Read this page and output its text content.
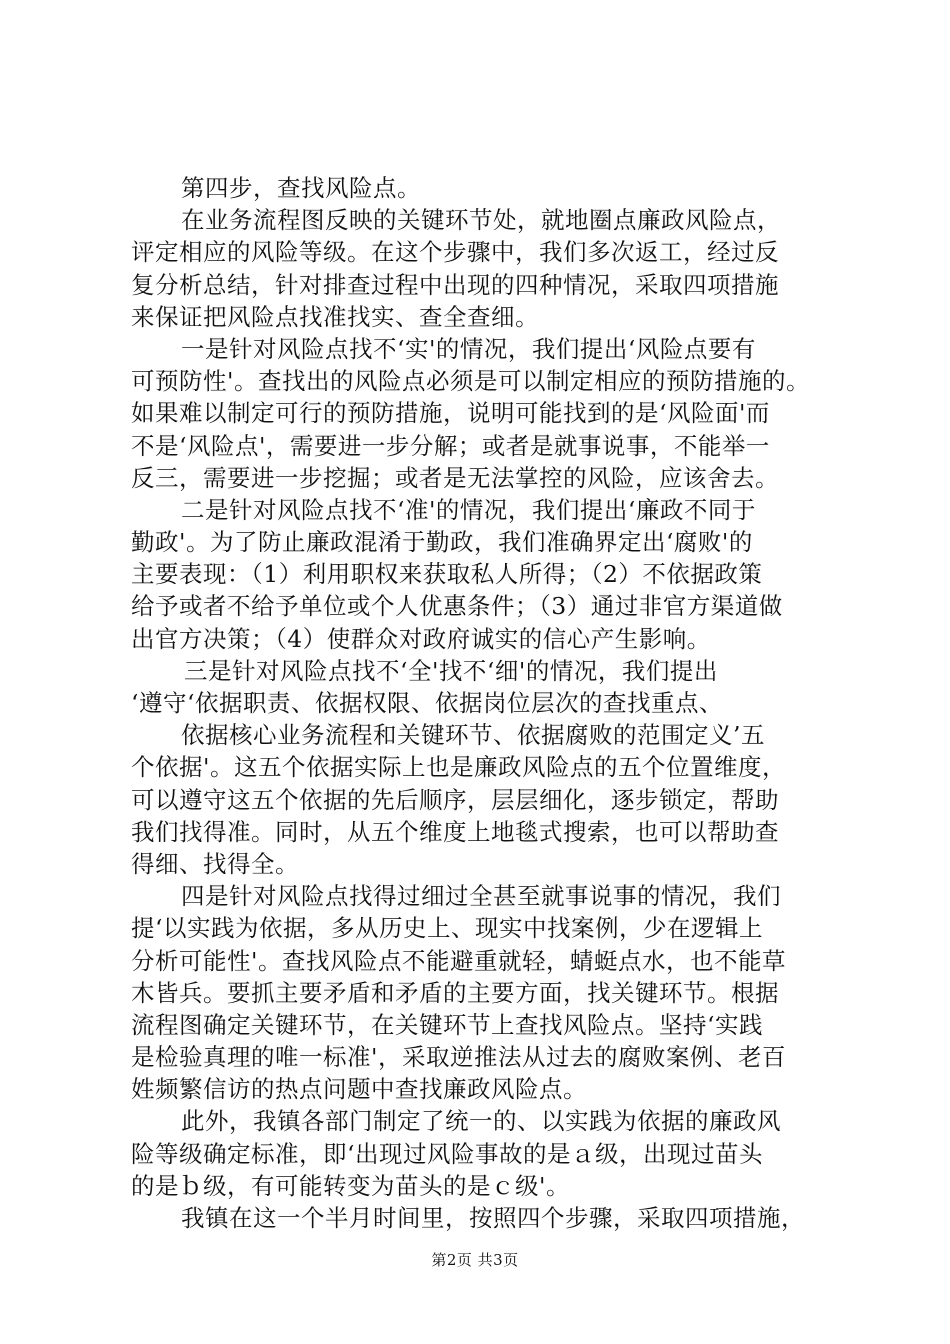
第四步，查找风险点。
在业务流程图反映的关键环节处，就地圈点廉政风险点，
评定相应的风险等级。在这个步骤中，我们多次返工，经过反
复分析总结，针对排查过程中出现的四种情况，采取四项措施
来保证把风险点找准找实、查全查细。
一是针对风险点找不‘实'的情况，我们提出‘风险点要有
可预防性'。查找出的风险点必须是可以制定相应的预防措施的。
如果难以制定可行的预防措施，说明可能找到的是‘风险面'而
不是‘风险点'，需要进一步分解；或者是就事说事，不能举一
反三，需要进一步挖掘；或者是无法掌控的风险，应该舍去。
二是针对风险点找不‘准'的情况，我们提出‘廉政不同于
勤政'。为了防止廉政混淆于勤政，我们准确界定出‘腐败'的
主要表现：（1）利用职权来获取私人所得；（2）不依据政策
给予或者不给予单位或个人优惠条件；（3）通过非官方渠道做
出官方决策；（4）使群众对政府诚实的信心产生影响。
三是针对风险点找不‘全'找不‘细'的情况，我们提出
‘遵守‘依据职责、依据权限、依据岗位层次的查找重点、
依据核心业务流程和关键环节、依据腐败的范围定义’五
个依据'。这五个依据实际上也是廉政风险点的五个位置维度，
可以遵守这五个依据的先后顺序，层层细化，逐步锁定，帮助
我们找得准。同时，从五个维度上地毯式搜索，也可以帮助查
得细、找得全。
四是针对风险点找得过细过全甚至就事说事的情况，我们
提‘以实践为依据，多从历史上、现实中找案例，少在逻辑上
分析可能性'。查找风险点不能避重就轻，蜻蜓点水，也不能草
木皆兵。要抓主要矛盾和矛盾的主要方面，找关键环节。根据
流程图确定关键环节，在关键环节上查找风险点。坚持‘实践
是检验真理的唯一标准'，采取逆推法从过去的腐败案例、老百
姓频繁信访的热点问题中查找廉政风险点。
此外，我镇各部门制定了统一的、以实践为依据的廉政风
险等级确定标准，即‘出现过风险事故的是ａ级，出现过苗头
的是ｂ级，有可能转变为苗头的是ｃ级'。
我镇在这一个半月时间里，按照四个步骤，采取四项措施，
第2页 共3页
